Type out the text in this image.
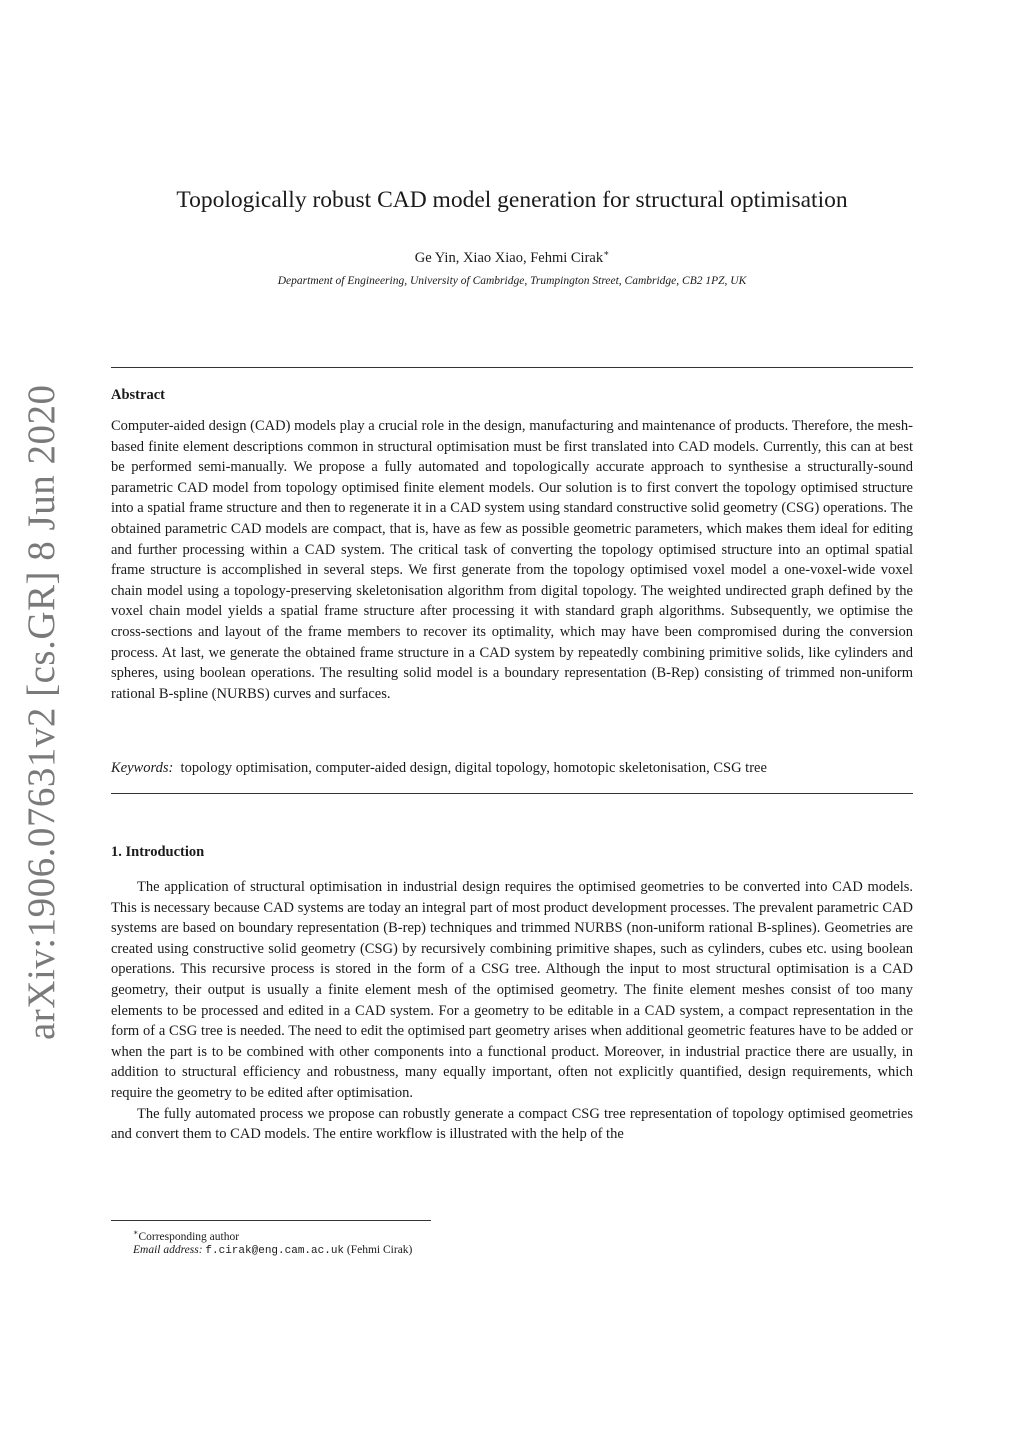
arXiv:1906.07631v2 [cs.GR] 8 Jun 2020
Topologically robust CAD model generation for structural optimisation
Ge Yin, Xiao Xiao, Fehmi Cirak∗
Department of Engineering, University of Cambridge, Trumpington Street, Cambridge, CB2 1PZ, UK
Abstract

Computer-aided design (CAD) models play a crucial role in the design, manufacturing and maintenance of products. Therefore, the mesh-based finite element descriptions common in structural optimisation must be first translated into CAD models. Currently, this can at best be performed semi-manually. We propose a fully automated and topologically accurate approach to synthesise a structurally-sound parametric CAD model from topology optimised finite element models. Our solution is to first convert the topology optimised structure into a spatial frame structure and then to regenerate it in a CAD system using standard constructive solid geometry (CSG) operations. The obtained parametric CAD models are compact, that is, have as few as possible geometric parameters, which makes them ideal for editing and further processing within a CAD system. The critical task of converting the topology optimised structure into an optimal spatial frame structure is accomplished in several steps. We first generate from the topology optimised voxel model a one-voxel-wide voxel chain model using a topology-preserving skeletonisation algorithm from digital topology. The weighted undirected graph defined by the voxel chain model yields a spatial frame structure after processing it with standard graph algorithms. Subsequently, we optimise the cross-sections and layout of the frame members to recover its optimality, which may have been compromised during the conversion process. At last, we generate the obtained frame structure in a CAD system by repeatedly combining primitive solids, like cylinders and spheres, using boolean operations. The resulting solid model is a boundary representation (B-Rep) consisting of trimmed non-uniform rational B-spline (NURBS) curves and surfaces.

Keywords: topology optimisation, computer-aided design, digital topology, homotopic skeletonisation, CSG tree
1. Introduction

The application of structural optimisation in industrial design requires the optimised geometries to be converted into CAD models. This is necessary because CAD systems are today an integral part of most product development processes. The prevalent parametric CAD systems are based on boundary representation (B-rep) techniques and trimmed NURBS (non-uniform rational B-splines). Geometries are created using constructive solid geometry (CSG) by recursively combining primitive shapes, such as cylinders, cubes etc. using boolean operations. This recursive process is stored in the form of a CSG tree. Although the input to most structural optimisation is a CAD geometry, their output is usually a finite element mesh of the optimised geometry. The finite element meshes consist of too many elements to be processed and edited in a CAD system. For a geometry to be editable in a CAD system, a compact representation in the form of a CSG tree is needed. The need to edit the optimised part geometry arises when additional geometric features have to be added or when the part is to be combined with other components into a functional product. Moreover, in industrial practice there are usually, in addition to structural efficiency and robustness, many equally important, often not explicitly quantified, design requirements, which require the geometry to be edited after optimisation.

The fully automated process we propose can robustly generate a compact CSG tree representation of topology optimised geometries and convert them to CAD models. The entire workflow is illustrated with the help of the

∗Corresponding author
Email address: f.cirak@eng.cam.ac.uk (Fehmi Cirak)
